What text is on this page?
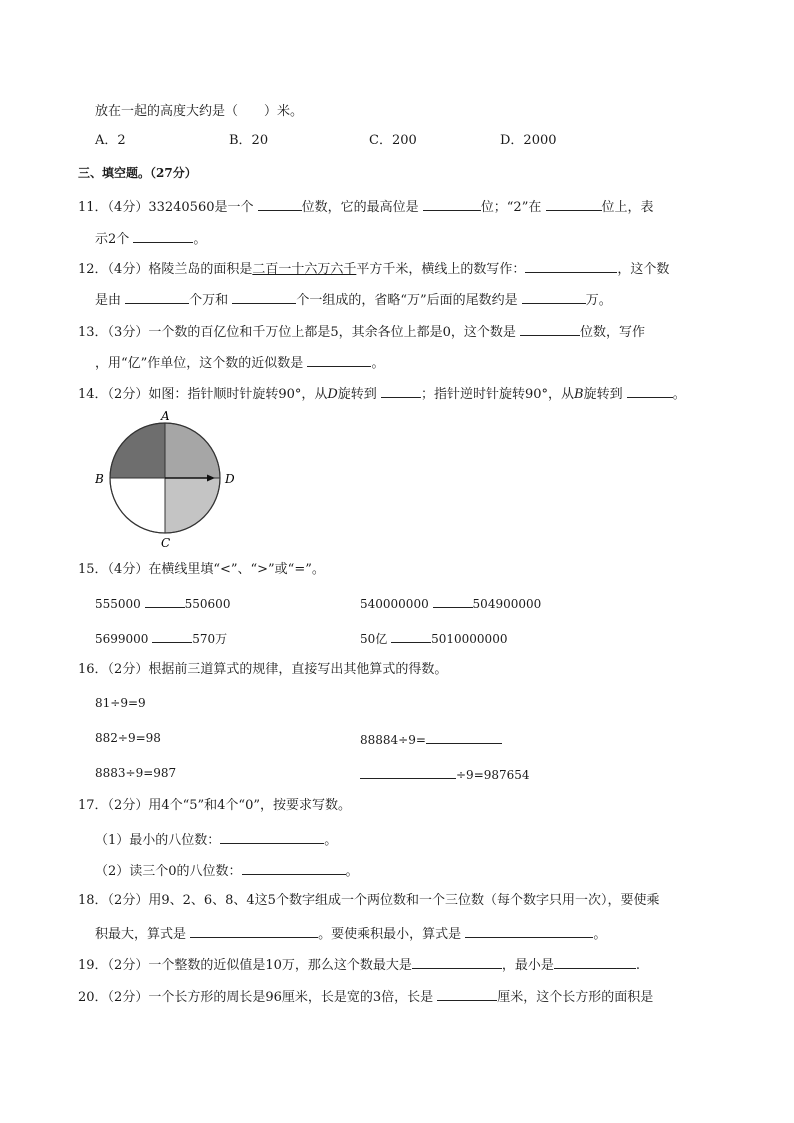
放在一起的高度大约是（　　）米。
A．2	B．20	C．200	D．2000
三、填空题。（27分）
11．（4分）33240560是一个	位数，它的最高位是	位；“2”在	位上，表
示2个	。
12．（4分）格陵兰岛的面积是二百一十六万六千平方千米，横线上的数写作：	，这个数
是由	个万和	个一组成的，省略“万”后面的尾数约是	万。
13．（3分）一个数的百亿位和千万位上都是5，其余各位上都是0，这个数是	位数，写作
，用“亿”作单位，这个数的近似数是	。
14．（2分）如图：指针顺时针旋转90°，从D旋转到	；指针逆时针旋转90°，从B旋转到	。
A
B
C
D
15．（4分）在横线里填“<”、“>”或“=”。
555000	550600	540000000	504900000
5699000	570万	50亿	5010000000
16．（2分）根据前三道算式的规律，直接写出其他算式的得数。
81÷9=9
882÷9=98	88884÷9=
8883÷9=987	÷9=987654
17．（2分）用4个“5”和4个“0”，按要求写数。
（1）最小的八位数：	。
（2）读三个0的八位数：	。
18．（2分）用9、2、6、8、4这5个数字组成一个两位数和一个三位数（每个数字只用一次），要使乘
积最大，算式是	。要使乘积最小，算式是	。
19．（2分）一个整数的近似值是10万，那么这个数最大是	，最小是	.
20．（2分）一个长方形的周长是96厘米，长是宽的3倍，长是	厘米，这个长方形的面积是
